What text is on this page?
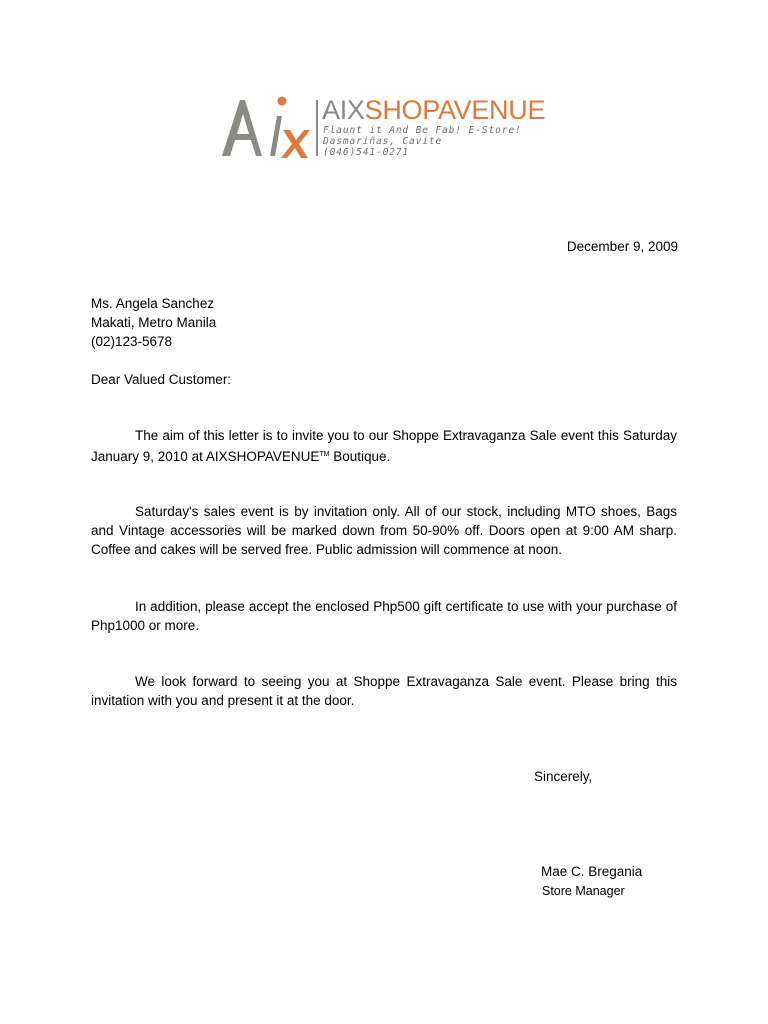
AIXSHOPAVENUE
Flaunt it And Be Fab! E-Store!
Dasmariñas, Cavite
(046)541-0271
December 9, 2009
Ms. Angela Sanchez
Makati, Metro Manila
(02)123-5678
Dear Valued Customer:
The aim of this letter is to invite you to our Shoppe Extravaganza Sale event this Saturday January 9, 2010 at AIXSHOPAVENUE™ Boutique.
Saturday's sales event is by invitation only. All of our stock, including MTO shoes, Bags and Vintage accessories will be marked down from 50-90% off. Doors open at 9:00 AM sharp. Coffee and cakes will be served free. Public admission will commence at noon.
In addition, please accept the enclosed Php500 gift certificate to use with your purchase of Php1000 or more.
We look forward to seeing you at Shoppe Extravaganza Sale event. Please bring this invitation with you and present it at the door.
Sincerely,
Mae C. Bregania
Store Manager
